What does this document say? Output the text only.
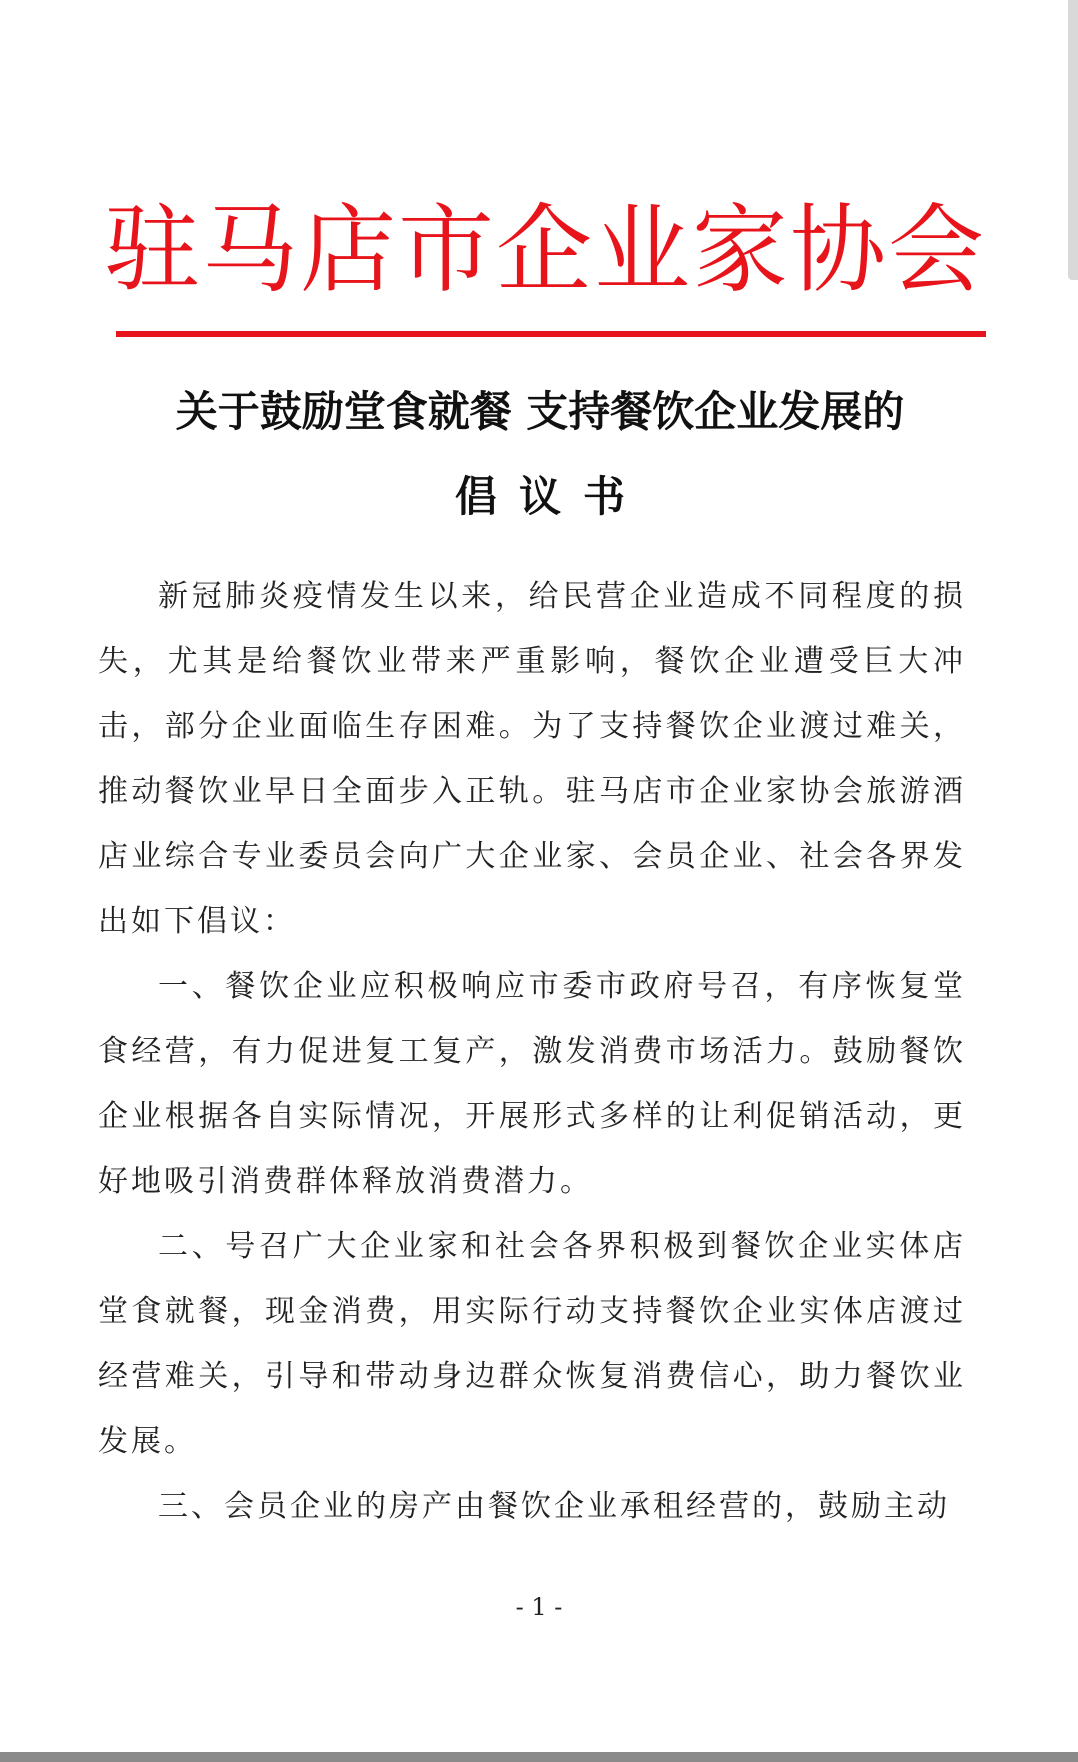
驻马店市企业家协会
关于鼓励堂食就餐 支持餐饮企业发展的
倡议书

新冠肺炎疫情发生以来，给民营企业造成不同程度的损失，尤其是给餐饮业带来严重影响，餐饮企业遭受巨大冲击，部分企业面临生存困难。为了支持餐饮企业渡过难关，推动餐饮业早日全面步入正轨。驻马店市企业家协会旅游酒店业综合专业委员会向广大企业家、会员企业、社会各界发出如下倡议：

一、餐饮企业应积极响应市委市政府号召，有序恢复堂食经营，有力促进复工复产，激发消费市场活力。鼓励餐饮企业根据各自实际情况，开展形式多样的让利促销活动，更好地吸引消费群体释放消费潜力。

二、号召广大企业家和社会各界积极到餐饮企业实体店堂食就餐，现金消费，用实际行动支持餐饮企业实体店渡过经营难关，引导和带动身边群众恢复消费信心，助力餐饮业发展。

三、会员企业的房产由餐饮企业承租经营的，鼓励主动

- 1 -
